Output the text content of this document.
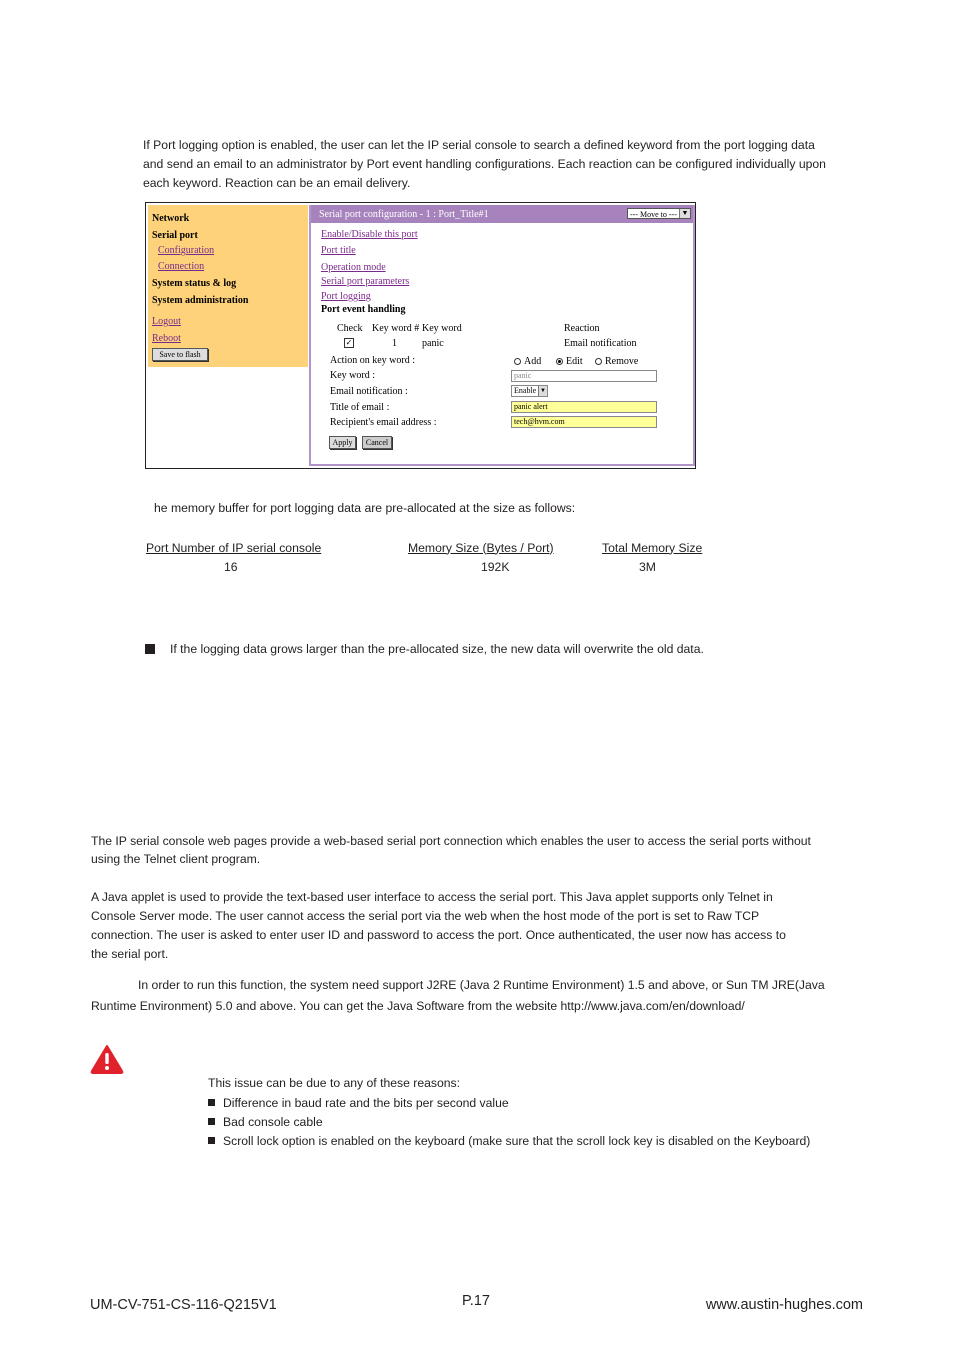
If Port logging option is enabled, the user can let the IP serial console to search a defined keyword from the port logging data

and send an email to an administrator by Port event handling configurations. Each reaction can be configured individually upon

each keyword. Reaction can be an email delivery.

Network
Serial port
Configuration
Connection
System status & log
System administration
Logout
Reboot
Save to flash
Serial port configuration - 1 : Port_Title#1	--- Move to --- ▼
Enable/Disable this port
Port title
Operation mode
Serial port parameters
Port logging
Port event handling
Check Key word # Key word	Reaction
✓	1	panic	Email notification
Action on key word :	Add	Edit	Remove
Key word :	panic
Email notification :	Enable ▼
Title of email :	panic alert
Recipient's email address :	tech@hvm.com
Apply	Cancel

he memory buffer for port logging data are pre-allocated at the size as follows:

Port Number of IP serial console	Memory Size (Bytes / Port)	Total Memory Size
16	192K	3M

If the logging data grows larger than the pre-allocated size, the new data will overwrite the old data.

The IP serial console web pages provide a web-based serial port connection which enables the user to access the serial ports without

using the Telnet client program.

A Java applet is used to provide the text-based user interface to access the serial port. This Java applet supports only Telnet in

Console Server mode. The user cannot access the serial port via the web when the host mode of the port is set to Raw TCP

connection. The user is asked to enter user ID and password to access the port. Once authenticated, the user now has access to

the serial port.

In order to run this function, the system need support J2RE (Java 2 Runtime Environment) 1.5 and above, or Sun TM JRE(Java

Runtime Environment) 5.0 and above. You can get the Java Software from the website http://www.java.com/en/download/

This issue can be due to any of these reasons:

Difference in baud rate and the bits per second value

Bad console cable

Scroll lock option is enabled on the keyboard (make sure that the scroll lock key is disabled on the Keyboard)

UM-CV-751-CS-116-Q215V1	P.17	www.austin-hughes.com
